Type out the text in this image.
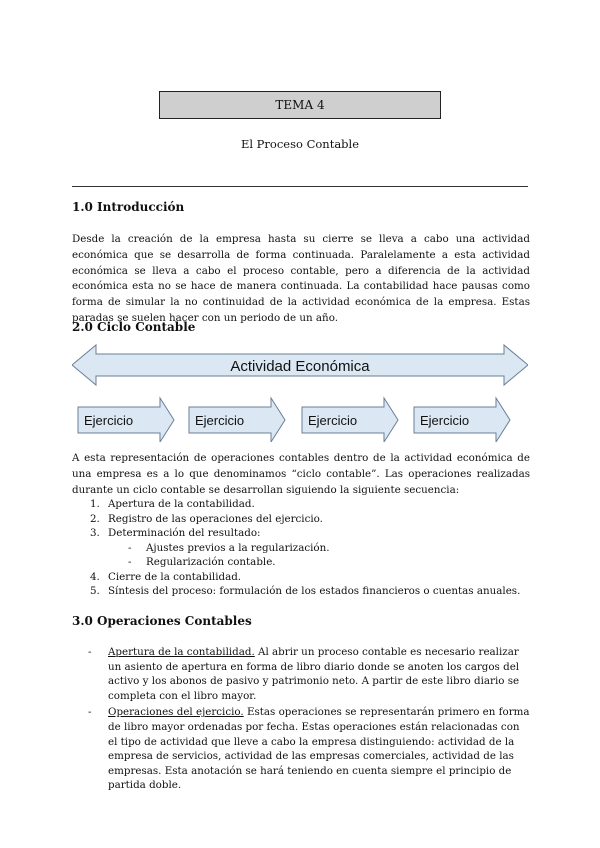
TEMA 4
El Proceso Contable
1.0 Introducción
Desde la creación de la empresa hasta su cierre se lleva a cabo una actividad económica que se desarrolla de forma continuada. Paralelamente a esta actividad económica se lleva a cabo el proceso contable, pero a diferencia de la actividad económica esta no se hace de manera continuada. La contabilidad hace pausas como forma de simular la no continuidad de la actividad económica de la empresa. Estas paradas se suelen hacer con un periodo de un año.
2.0 Ciclo Contable
Actividad Económica
Ejercicio	Ejercicio	Ejercicio	Ejercicio
A esta representación de operaciones contables dentro de la actividad económica de una empresa es a lo que denominamos “ciclo contable”. Las operaciones realizadas durante un ciclo contable se desarrollan siguiendo la siguiente secuencia:
1. Apertura de la contabilidad.
2. Registro de las operaciones del ejercicio.
3. Determinación del resultado:
- Ajustes previos a la regularización.
- Regularización contable.
4. Cierre de la contabilidad.
5. Síntesis del proceso: formulación de los estados financieros o cuentas anuales.
3.0 Operaciones Contables
- Apertura de la contabilidad. Al abrir un proceso contable es necesario realizar un asiento de apertura en forma de libro diario donde se anoten los cargos del activo y los abonos de pasivo y patrimonio neto. A partir de este libro diario se completa con el libro mayor.
- Operaciones del ejercicio. Estas operaciones se representarán primero en forma de libro mayor ordenadas por fecha. Estas operaciones están relacionadas con el tipo de actividad que lleve a cabo la empresa distinguiendo: actividad de la empresa de servicios, actividad de las empresas comerciales, actividad de las empresas. Esta anotación se hará teniendo en cuenta siempre el principio de partida doble.
